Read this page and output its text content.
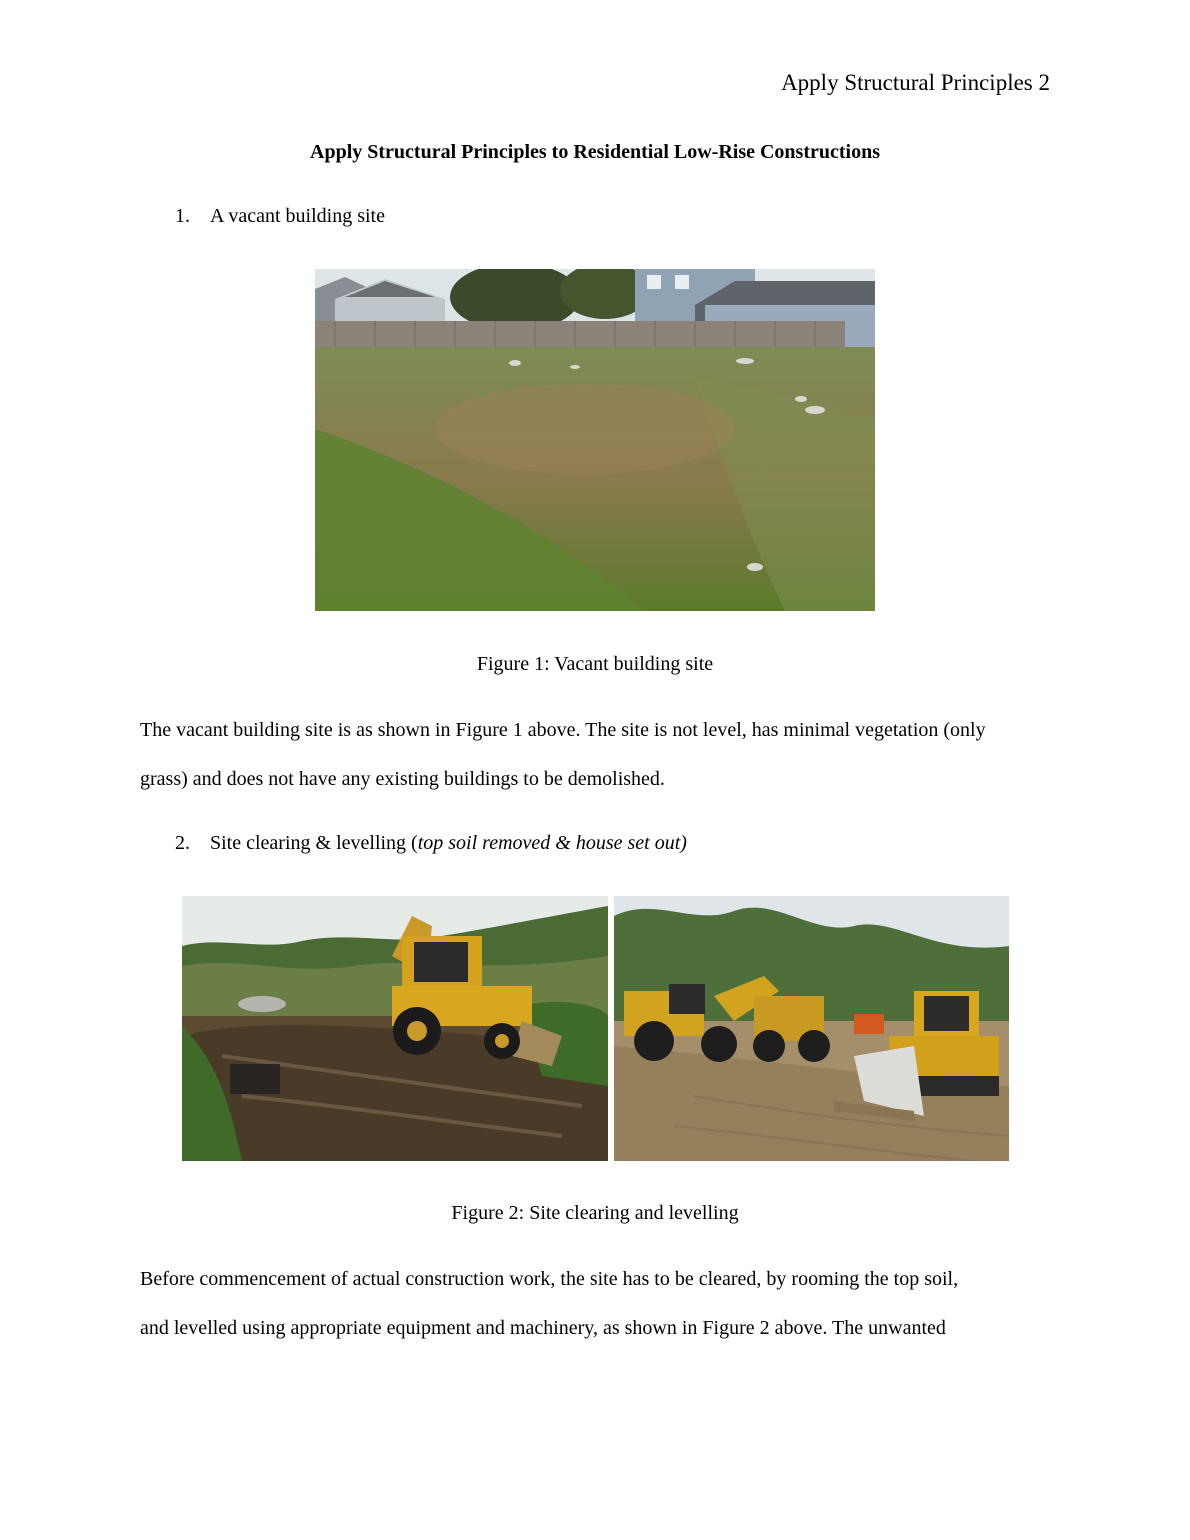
Apply Structural Principles 2
Apply Structural Principles to Residential Low-Rise Constructions
1. A vacant building site
Figure 1: Vacant building site
The vacant building site is as shown in Figure 1 above. The site is not level, has minimal vegetation (only
grass) and does not have any existing buildings to be demolished.
2. Site clearing & levelling (top soil removed & house set out)
Figure 2: Site clearing and levelling
Before commencement of actual construction work, the site has to be cleared, by rooming the top soil,
and levelled using appropriate equipment and machinery, as shown in Figure 2 above. The unwanted
